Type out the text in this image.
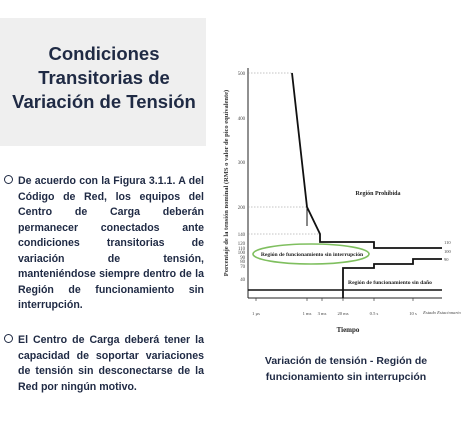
Condiciones
Transitorias de
Variación de Tensión
De acuerdo con la Figura 3.1.1. A del Código de Red, los equipos del Centro de Carga deberán permanecer conectados ante condiciones transitorias de variación de tensión, manteniéndose siempre dentro de la Región de funcionamiento sin interrupción.
El Centro de Carga deberá tener la capacidad de soportar variaciones de tensión sin desconectarse de la Red por ningún motivo.
Porcentaje de la tensión nominal (RMS o valor de pico equivalente)
500
400
300
200
140
120
110
100
90
80
70
40
1 µs	1 ms 3 ms 20 ms	0.5 s	10 s Estado Estacionario
Tiempo
110
100
90
Región Prohibida
Región de funcionamiento sin interrupción
Región de funcionamiento sin daño
Variación de tensión - Región de funcionamiento sin interrupción
